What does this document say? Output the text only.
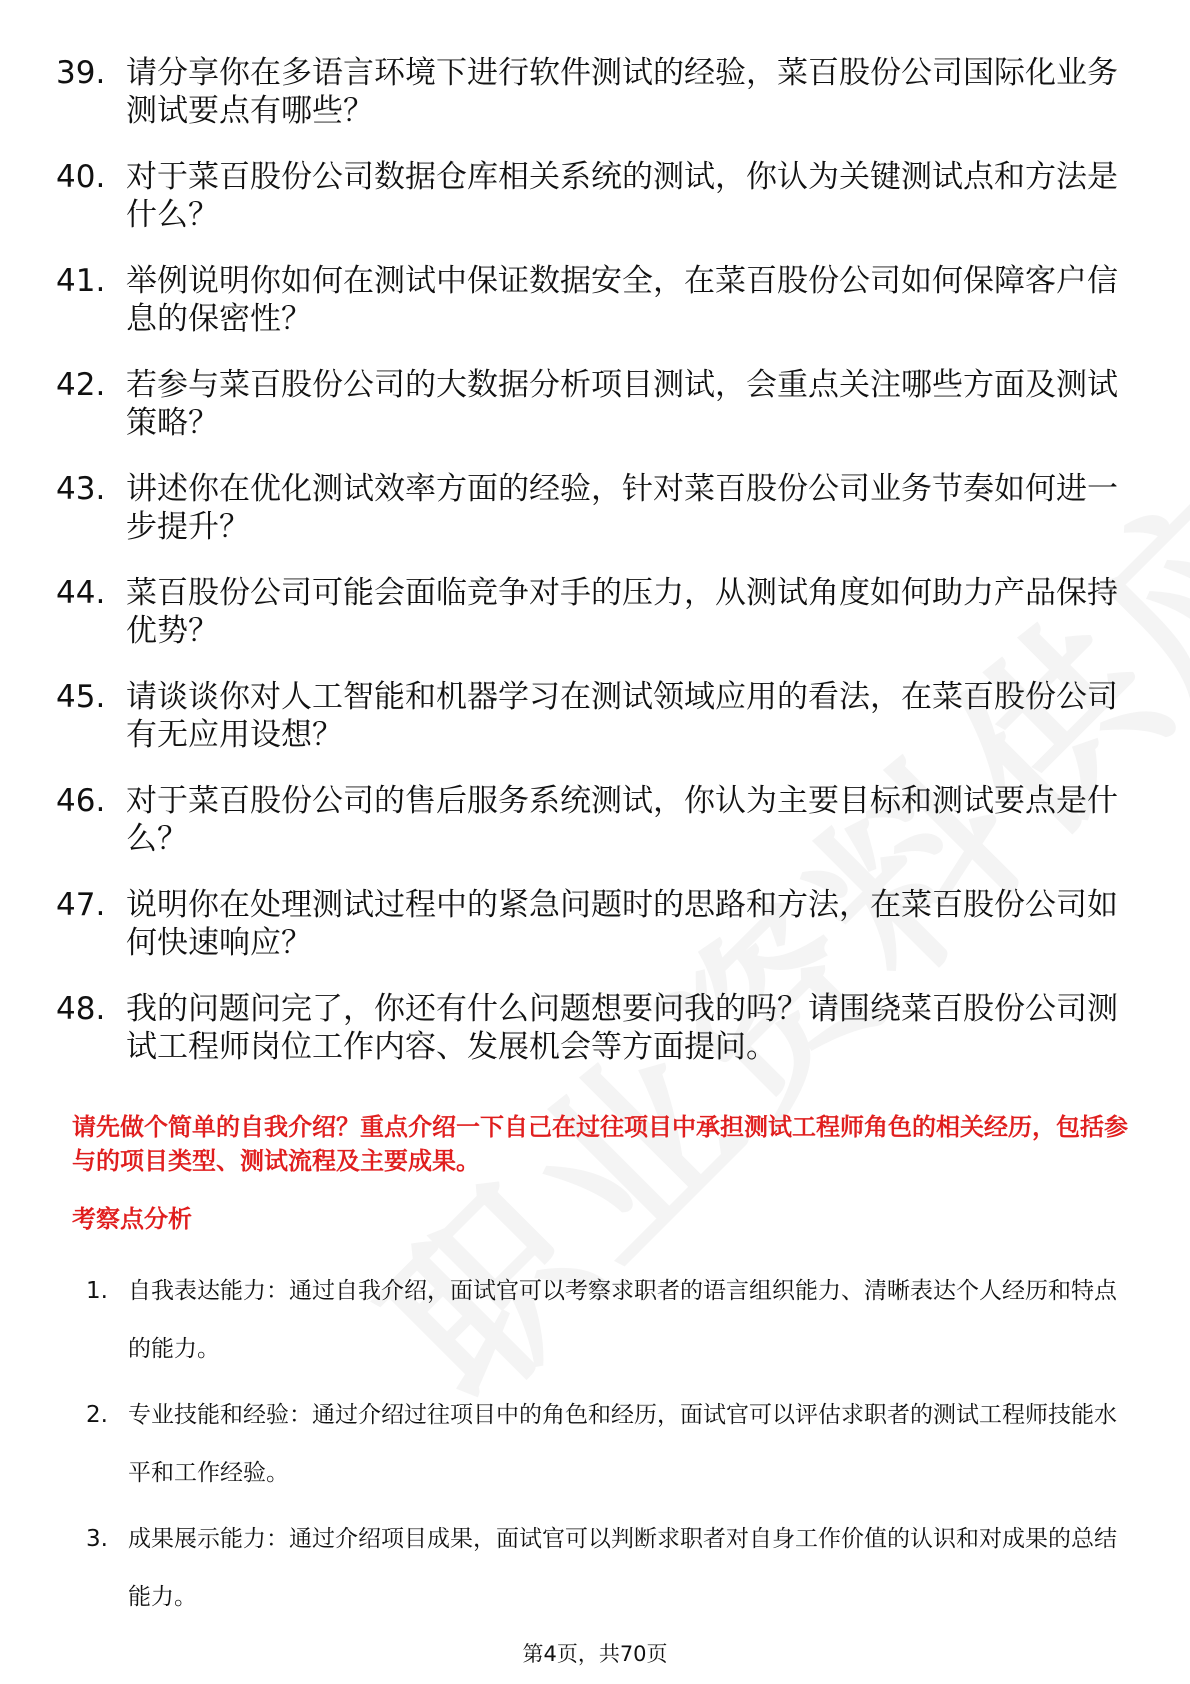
39. 请分享你在多语言环境下进行软件测试的经验，菜百股份公司国际化业务测试要点有哪些？
40. 对于菜百股份公司数据仓库相关系统的测试，你认为关键测试点和方法是什么？
41. 举例说明你如何在测试中保证数据安全，在菜百股份公司如何保障客户信息的保密性？
42. 若参与菜百股份公司的大数据分析项目测试，会重点关注哪些方面及测试策略？
43. 讲述你在优化测试效率方面的经验，针对菜百股份公司业务节奏如何进一步提升？
44. 菜百股份公司可能会面临竞争对手的压力，从测试角度如何助力产品保持优势？
45. 请谈谈你对人工智能和机器学习在测试领域应用的看法，在菜百股份公司有无应用设想？
46. 对于菜百股份公司的售后服务系统测试，你认为主要目标和测试要点是什么？
47. 说明你在处理测试过程中的紧急问题时的思路和方法，在菜百股份公司如何快速响应？
48. 我的问题问完了，你还有什么问题想要问我的吗？请围绕菜百股份公司测试工程师岗位工作内容、发展机会等方面提问。
请先做个简单的自我介绍？重点介绍一下自己在过往项目中承担测试工程师角色的相关经历，包括参与的项目类型、测试流程及主要成果。
考察点分析
1. 自我表达能力：通过自我介绍，面试官可以考察求职者的语言组织能力、清晰表达个人经历和特点的能力。
2. 专业技能和经验：通过介绍过往项目中的角色和经历，面试官可以评估求职者的测试工程师技能水平和工作经验。
3. 成果展示能力：通过介绍项目成果，面试官可以判断求职者对自身工作价值的认识和对成果的总结能力。
第4页，共70页
